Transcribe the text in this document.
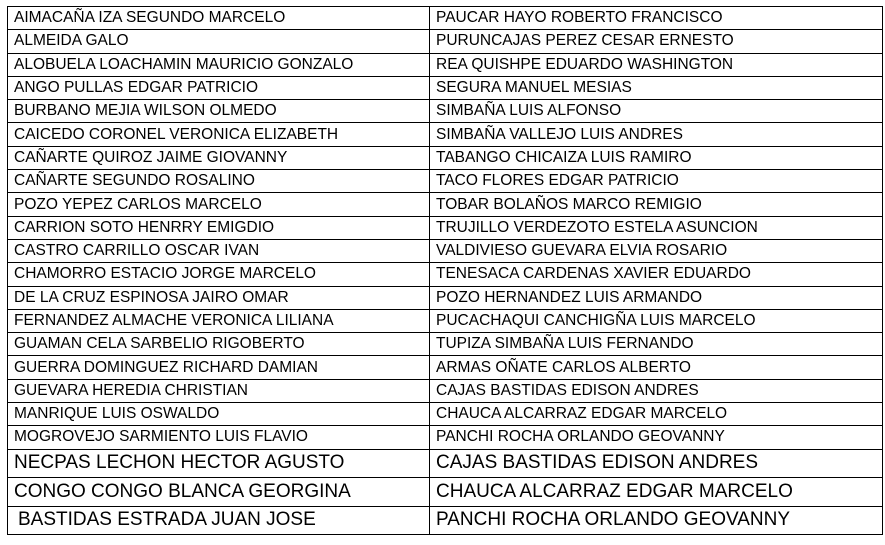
AIMACAÑA IZA SEGUNDO MARCELO	PAUCAR HAYO ROBERTO FRANCISCO
ALMEIDA GALO	PURUNCAJAS PEREZ CESAR ERNESTO
ALOBUELA LOACHAMIN MAURICIO GONZALO	REA QUISHPE EDUARDO WASHINGTON
ANGO PULLAS EDGAR PATRICIO	SEGURA MANUEL MESIAS
BURBANO MEJIA WILSON OLMEDO	SIMBAÑA LUIS ALFONSO
CAICEDO CORONEL VERONICA ELIZABETH	SIMBAÑA VALLEJO LUIS ANDRES
CAÑARTE QUIROZ JAIME GIOVANNY	TABANGO CHICAIZA LUIS RAMIRO
CAÑARTE SEGUNDO ROSALINO	TACO FLORES EDGAR PATRICIO
POZO YEPEZ CARLOS MARCELO	TOBAR BOLAÑOS MARCO REMIGIO
CARRION SOTO HENRRY EMIGDIO	TRUJILLO VERDEZOTO ESTELA ASUNCION
CASTRO CARRILLO OSCAR IVAN	VALDIVIESO GUEVARA ELVIA ROSARIO
CHAMORRO ESTACIO JORGE MARCELO	TENESACA CARDENAS XAVIER EDUARDO
DE LA CRUZ ESPINOSA JAIRO OMAR	POZO HERNANDEZ LUIS ARMANDO
FERNANDEZ ALMACHE VERONICA LILIANA	PUCACHAQUI CANCHIGÑA LUIS MARCELO
GUAMAN CELA SARBELIO RIGOBERTO	TUPIZA SIMBAÑA LUIS FERNANDO
GUERRA DOMINGUEZ RICHARD DAMIAN	ARMAS OÑATE CARLOS ALBERTO
GUEVARA HEREDIA CHRISTIAN	CAJAS BASTIDAS EDISON ANDRES
MANRIQUE LUIS OSWALDO	CHAUCA ALCARRAZ EDGAR MARCELO
MOGROVEJO SARMIENTO LUIS FLAVIO	PANCHI ROCHA ORLANDO GEOVANNY
NECPAS LECHON HECTOR AGUSTO	CAJAS BASTIDAS EDISON ANDRES
CONGO CONGO BLANCA GEORGINA	CHAUCA ALCARRAZ EDGAR MARCELO
BASTIDAS ESTRADA JUAN JOSE	PANCHI ROCHA ORLANDO GEOVANNY
